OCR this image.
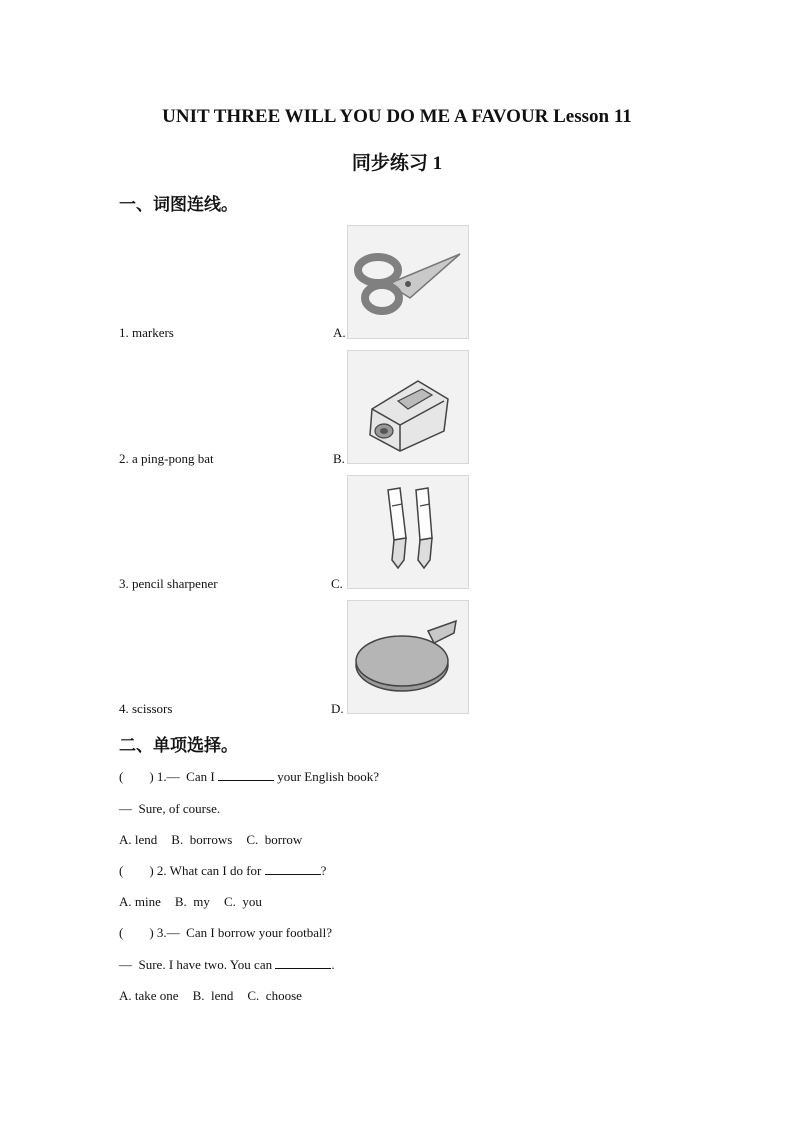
UNIT THREE WILL YOU DO ME A FAVOUR Lesson 11
同步练习 1
一、词图连线。
1. markers	A.
2. a ping-pong bat	B.
3. pencil sharpener	C.
4. scissors	D.
二、单项选择。
(        ) 1.—  Can I	your English book?
—  Sure, of course.
A. lend B.  borrows C.  borrow
(        ) 2. What can I do for	?
A. mine B.  my C.  you
(        ) 3.—  Can I borrow your football?
—  Sure. I have two. You can	.
A. take one B.  lend C.  choose
